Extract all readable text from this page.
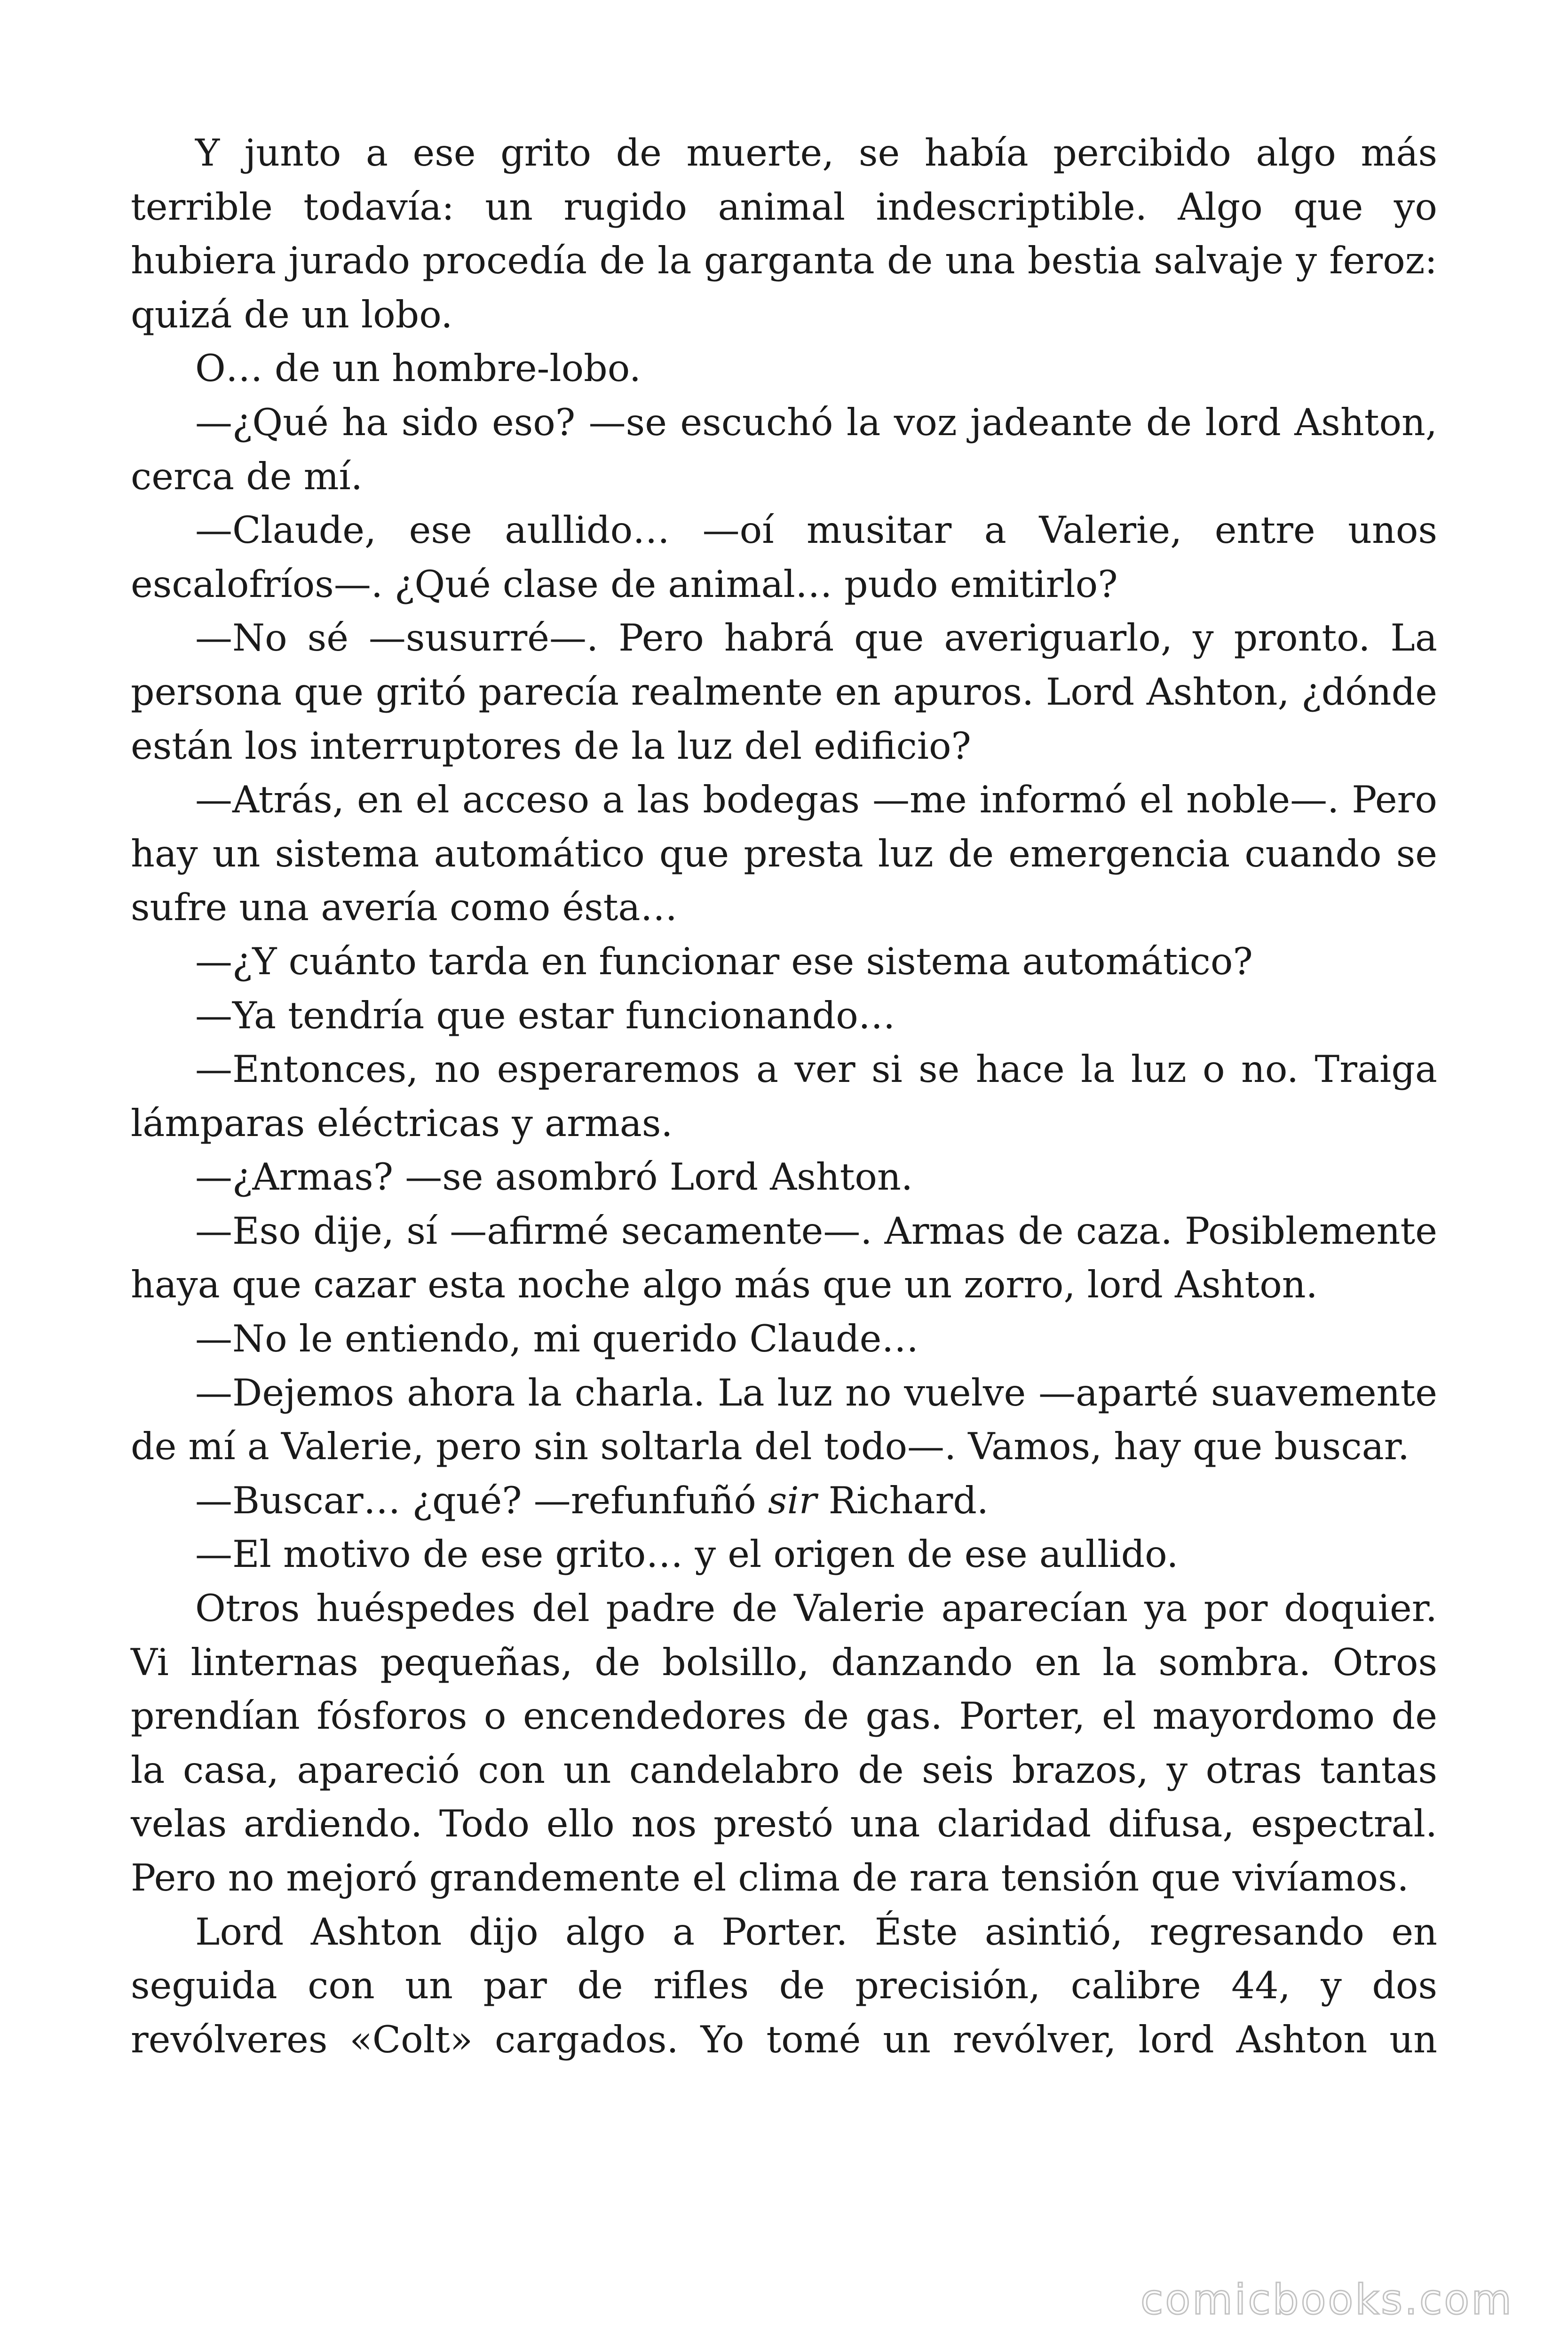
Y junto a ese grito de muerte, se había percibido algo más terrible todavía: un rugido animal indescriptible. Algo que yo hubiera jurado procedía de la garganta de una bestia salvaje y feroz: quizá de un lobo.

O… de un hombre-lobo.

—¿Qué ha sido eso? —se escuchó la voz jadeante de lord Ashton, cerca de mí.

—Claude, ese aullido… —oí musitar a Valerie, entre unos escalofríos—. ¿Qué clase de animal… pudo emitirlo?

—No sé —susurré—. Pero habrá que averiguarlo, y pronto. La persona que gritó parecía realmente en apuros. Lord Ashton, ¿dónde están los interruptores de la luz del edificio?

—Atrás, en el acceso a las bodegas —me informó el noble—. Pero hay un sistema automático que presta luz de emergencia cuando se sufre una avería como ésta…

—¿Y cuánto tarda en funcionar ese sistema automático?

—Ya tendría que estar funcionando…

—Entonces, no esperaremos a ver si se hace la luz o no. Traiga lámparas eléctricas y armas.

—¿Armas? —se asombró Lord Ashton.

—Eso dije, sí —afirmé secamente—. Armas de caza. Posiblemente haya que cazar esta noche algo más que un zorro, lord Ashton.

—No le entiendo, mi querido Claude…

—Dejemos ahora la charla. La luz no vuelve —aparté suavemente de mí a Valerie, pero sin soltarla del todo—. Vamos, hay que buscar.

—Buscar… ¿qué? —refunfuñó sir Richard.

—El motivo de ese grito… y el origen de ese aullido.

Otros huéspedes del padre de Valerie aparecían ya por doquier. Vi linternas pequeñas, de bolsillo, danzando en la sombra. Otros prendían fósforos o encendedores de gas. Porter, el mayordomo de la casa, apareció con un candelabro de seis brazos, y otras tantas velas ardiendo. Todo ello nos prestó una claridad difusa, espectral. Pero no mejoró grandemente el clima de rara tensión que vivíamos.

Lord Ashton dijo algo a Porter. Éste asintió, regresando en seguida con un par de rifles de precisión, calibre 44, y dos revólveres «Colt» cargados. Yo tomé un revólver, lord Ashton un

comicbooks.com
